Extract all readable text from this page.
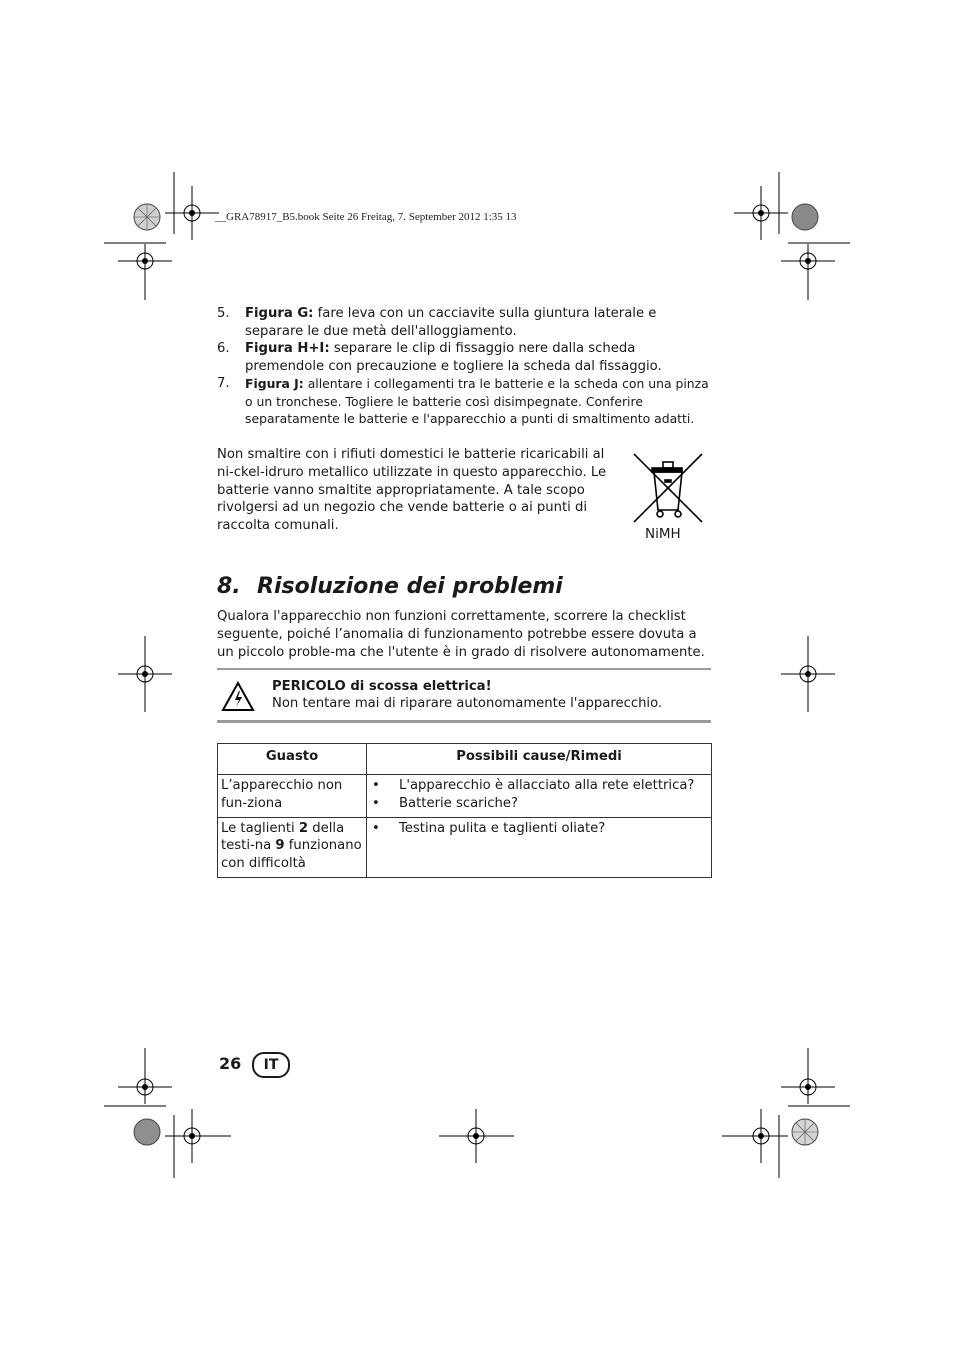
__GRA78917_B5.book Seite 26 Freitag, 7. September 2012 1:35 13
5.	Figura G: fare leva con un cacciavite sulla giuntura laterale e separare le due metà dell'alloggiamento.
6.	Figura H+I: separare le clip di fissaggio nere dalla scheda premendole con precauzione e togliere la scheda dal fissaggio.
7.	Figura J: allentare i collegamenti tra le batterie e la scheda con una pinza o un tronchese. Togliere le batterie così disimpegnate. Conferire separatamente le batterie e l'apparecchio a punti di smaltimento adatti.
Non smaltire con i rifiuti domestici le batterie ricaricabili al ni-ckel-idruro metallico utilizzate in questo apparecchio. Le batterie vanno smaltite appropriatamente. A tale scopo rivolgersi ad un negozio che vende batterie o ai punti di raccolta comunali.
NiMH
8. Risoluzione dei problemi
Qualora l'apparecchio non funzioni correttamente, scorrere la checklist seguente, poiché l’anomalia di funzionamento potrebbe essere dovuta a un piccolo proble-ma che l'utente è in grado di risolvere autonomamente.
PERICOLO di scossa elettrica!
Non tentare mai di riparare autonomamente l'apparecchio.
Guasto	Possibili cause/Rimedi
L’apparecchio non fun-ziona	• L'apparecchio è allacciato alla rete elettrica?
• Batterie scariche?

Le taglienti 2 della testi-na 9 funzionano con difficoltà	• Testina pulita e taglienti oliate?
26	IT
